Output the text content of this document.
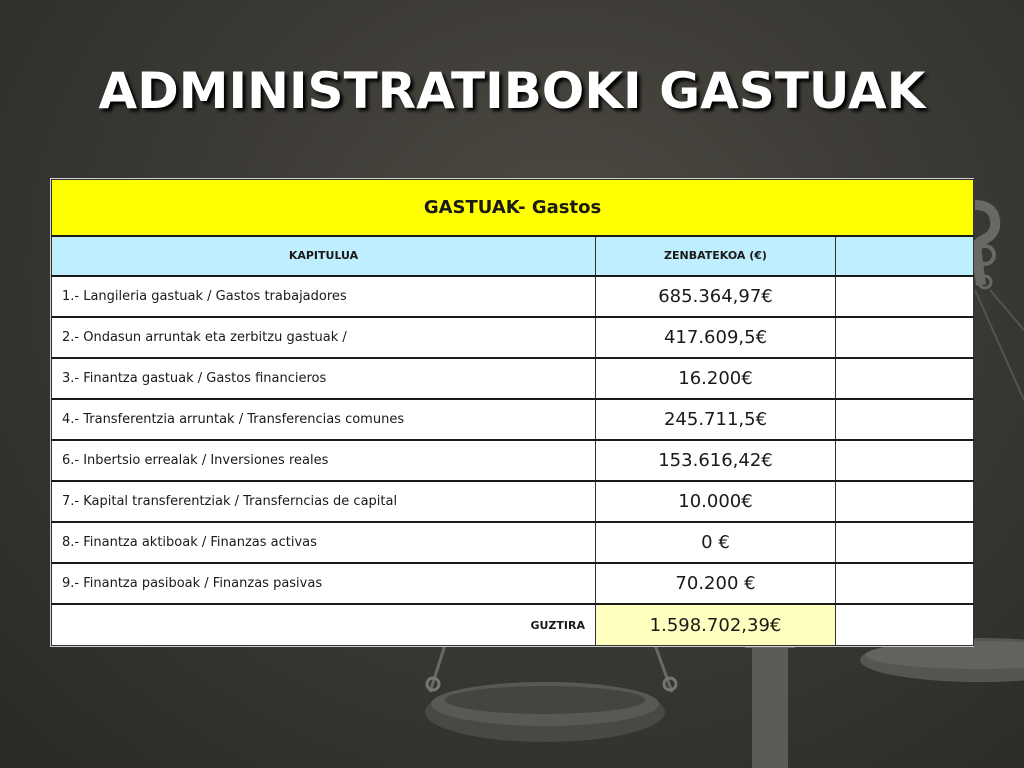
ADMINISTRATIBOKI GASTUAK
GASTUAK- Gastos		
KAPITULUA	ZENBATEKOA (€)	
1.- Langileria gastuak / Gastos trabajadores	685.364,97€	
2.- Ondasun arruntak eta zerbitzu gastuak /	417.609,5€	
3.- Finantza gastuak / Gastos financieros	16.200€	
4.- Transferentzia arruntak / Transferencias comunes	245.711,5€	
6.- Inbertsio errealak / Inversiones reales	153.616,42€	
7.- Kapital transferentziak / Transferncias de capital	10.000€	
8.- Finantza aktiboak / Finanzas activas	0 €	
9.- Finantza pasiboak / Finanzas pasivas	70.200 €	
GUZTIRA	1.598.702,39€	
